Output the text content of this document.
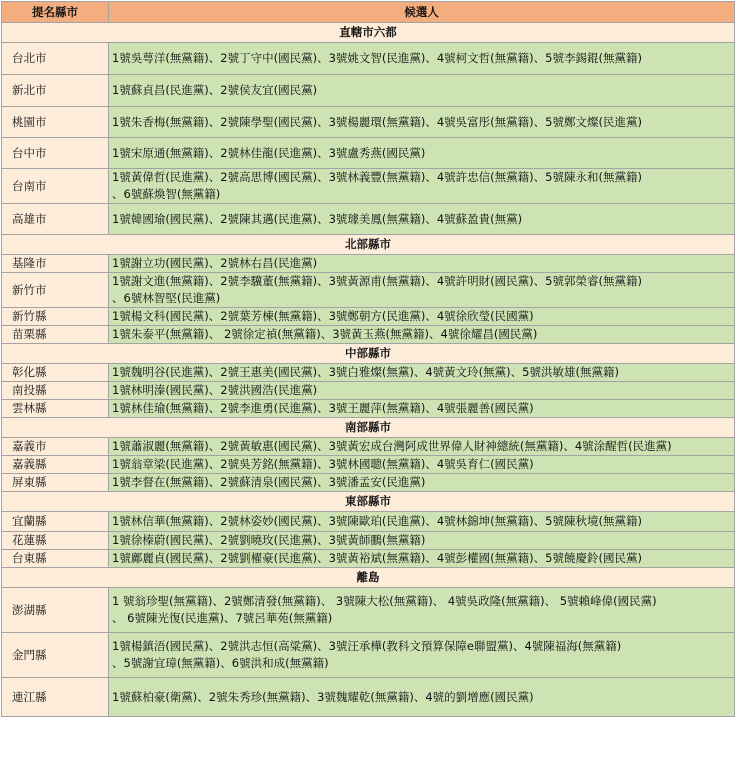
提名縣市	候選人
直轄市六都	
台北市	1號吳萼洋(無黨籍)、2號丁守中(國民黨)、3號姚文智(民進黨)、4號柯文哲(無黨籍)、5號李錫錕(無黨籍)

新北市	1號蘇貞昌(民進黨)、2號侯友宜(國民黨)

桃園市	1號朱香梅(無黨籍)、2號陳學聖(國民黨)、3號楊麗環(無黨籍)、4號吳富彤(無黨籍)、5號鄭文燦(民進黨)

台中市	1號宋原通(無黨籍)、2號林佳龍(民進黨)、3號盧秀燕(國民黨)

台南市	1號黃偉哲(民進黨)、2號高思博(國民黨)、3號林義豐(無黨籍)、4號許忠信(無黨籍)、5號陳永和(無黨籍)
、6號蘇煥智(無黨籍)

高雄市	1號韓國瑜(國民黨)、2號陳其邁(民進黨)、3號璩美鳳(無黨籍)、4號蘇盈貴(無黨)

北部縣市	
基隆市	1號謝立功(國民黨)、2號林右昌(民進黨)

新竹市	1號謝文進(無黨籍)、2號李驥董(無黨籍)、3號黃源甫(無黨籍)、4號許明財(國民黨)、5號郭榮睿(無黨籍)
、6號林智堅(民進黨)

新竹縣	1號楊文科(國民黨)、2號葉芳棟(無黨籍)、3號鄭朝方(民進黨)、4號徐欣瑩(民國黨)

苗栗縣	1號朱泰平(無黨籍)、 2號徐定禎(無黨籍)、3號黃玉燕(無黨籍)、4號徐耀昌(國民黨)

中部縣市	
彰化縣	1號魏明谷(民進黨)、2號王惠美(國民黨)、3號白雅燦(無黨)、4號黃文玲(無黨)、5號洪敏雄(無黨籍)

南投縣	1號林明溱(國民黨)、2號洪國浩(民進黨)

雲林縣	1號林佳瑜(無黨籍)、2號李進勇(民進黨)、3號王麗萍(無黨籍)、4號張麗善(國民黨)

南部縣市	
嘉義市	1號蕭淑麗(無黨籍)、2號黃敏惠(國民黨)、3號黃宏成台灣阿成世界偉人財神總統(無黨籍)、4號涂醒哲(民進黨)

嘉義縣	1號翁章梁(民進黨)、2號吳芳銘(無黨籍)、3號林國聰(無黨籍)、4號吳育仁(國民黨)

屏東縣	1號李督在(無黨籍)、2號蘇清泉(國民黨)、3號潘孟安(民進黨)

東部縣市	
宜蘭縣	1號林信華(無黨籍)、2號林姿妙(國民黨)、3號陳歐珀(民進黨)、4號林錦坤(無黨籍)、5號陳秋境(無黨籍)

花蓮縣	1號徐榛蔚(國民黨)、2號劉曉玫(民進黨)、3號黃師鵬(無黨籍)

台東縣	1號鄺麗貞(國民黨)、2號劉櫂豪(民進黨)、3號黃裕斌(無黨籍)、4號彭權國(無黨籍)、5號饒慶鈴(國民黨)

離島	
澎湖縣	1 號翁珍聖(無黨籍)、2號鄭清發(無黨籍)、 3號陳大松(無黨籍)、 4號吳政隆(無黨籍)、 5號賴峰偉(國民黨)
、 6號陳光復(民進黨)、7號呂華苑(無黨籍)

金門縣	1號楊鎮浯(國民黨)、2號洪志恒(高粱黨)、3號汪承樺(教科文預算保障e聯盟黨)、4號陳福海(無黨籍)
、5號謝宜璋(無黨籍)、6號洪和成(無黨籍)

連江縣	1號蘇柏豪(衛黨)、2號朱秀珍(無黨籍)、3號魏耀乾(無黨籍)、4號的劉增應(國民黨)
